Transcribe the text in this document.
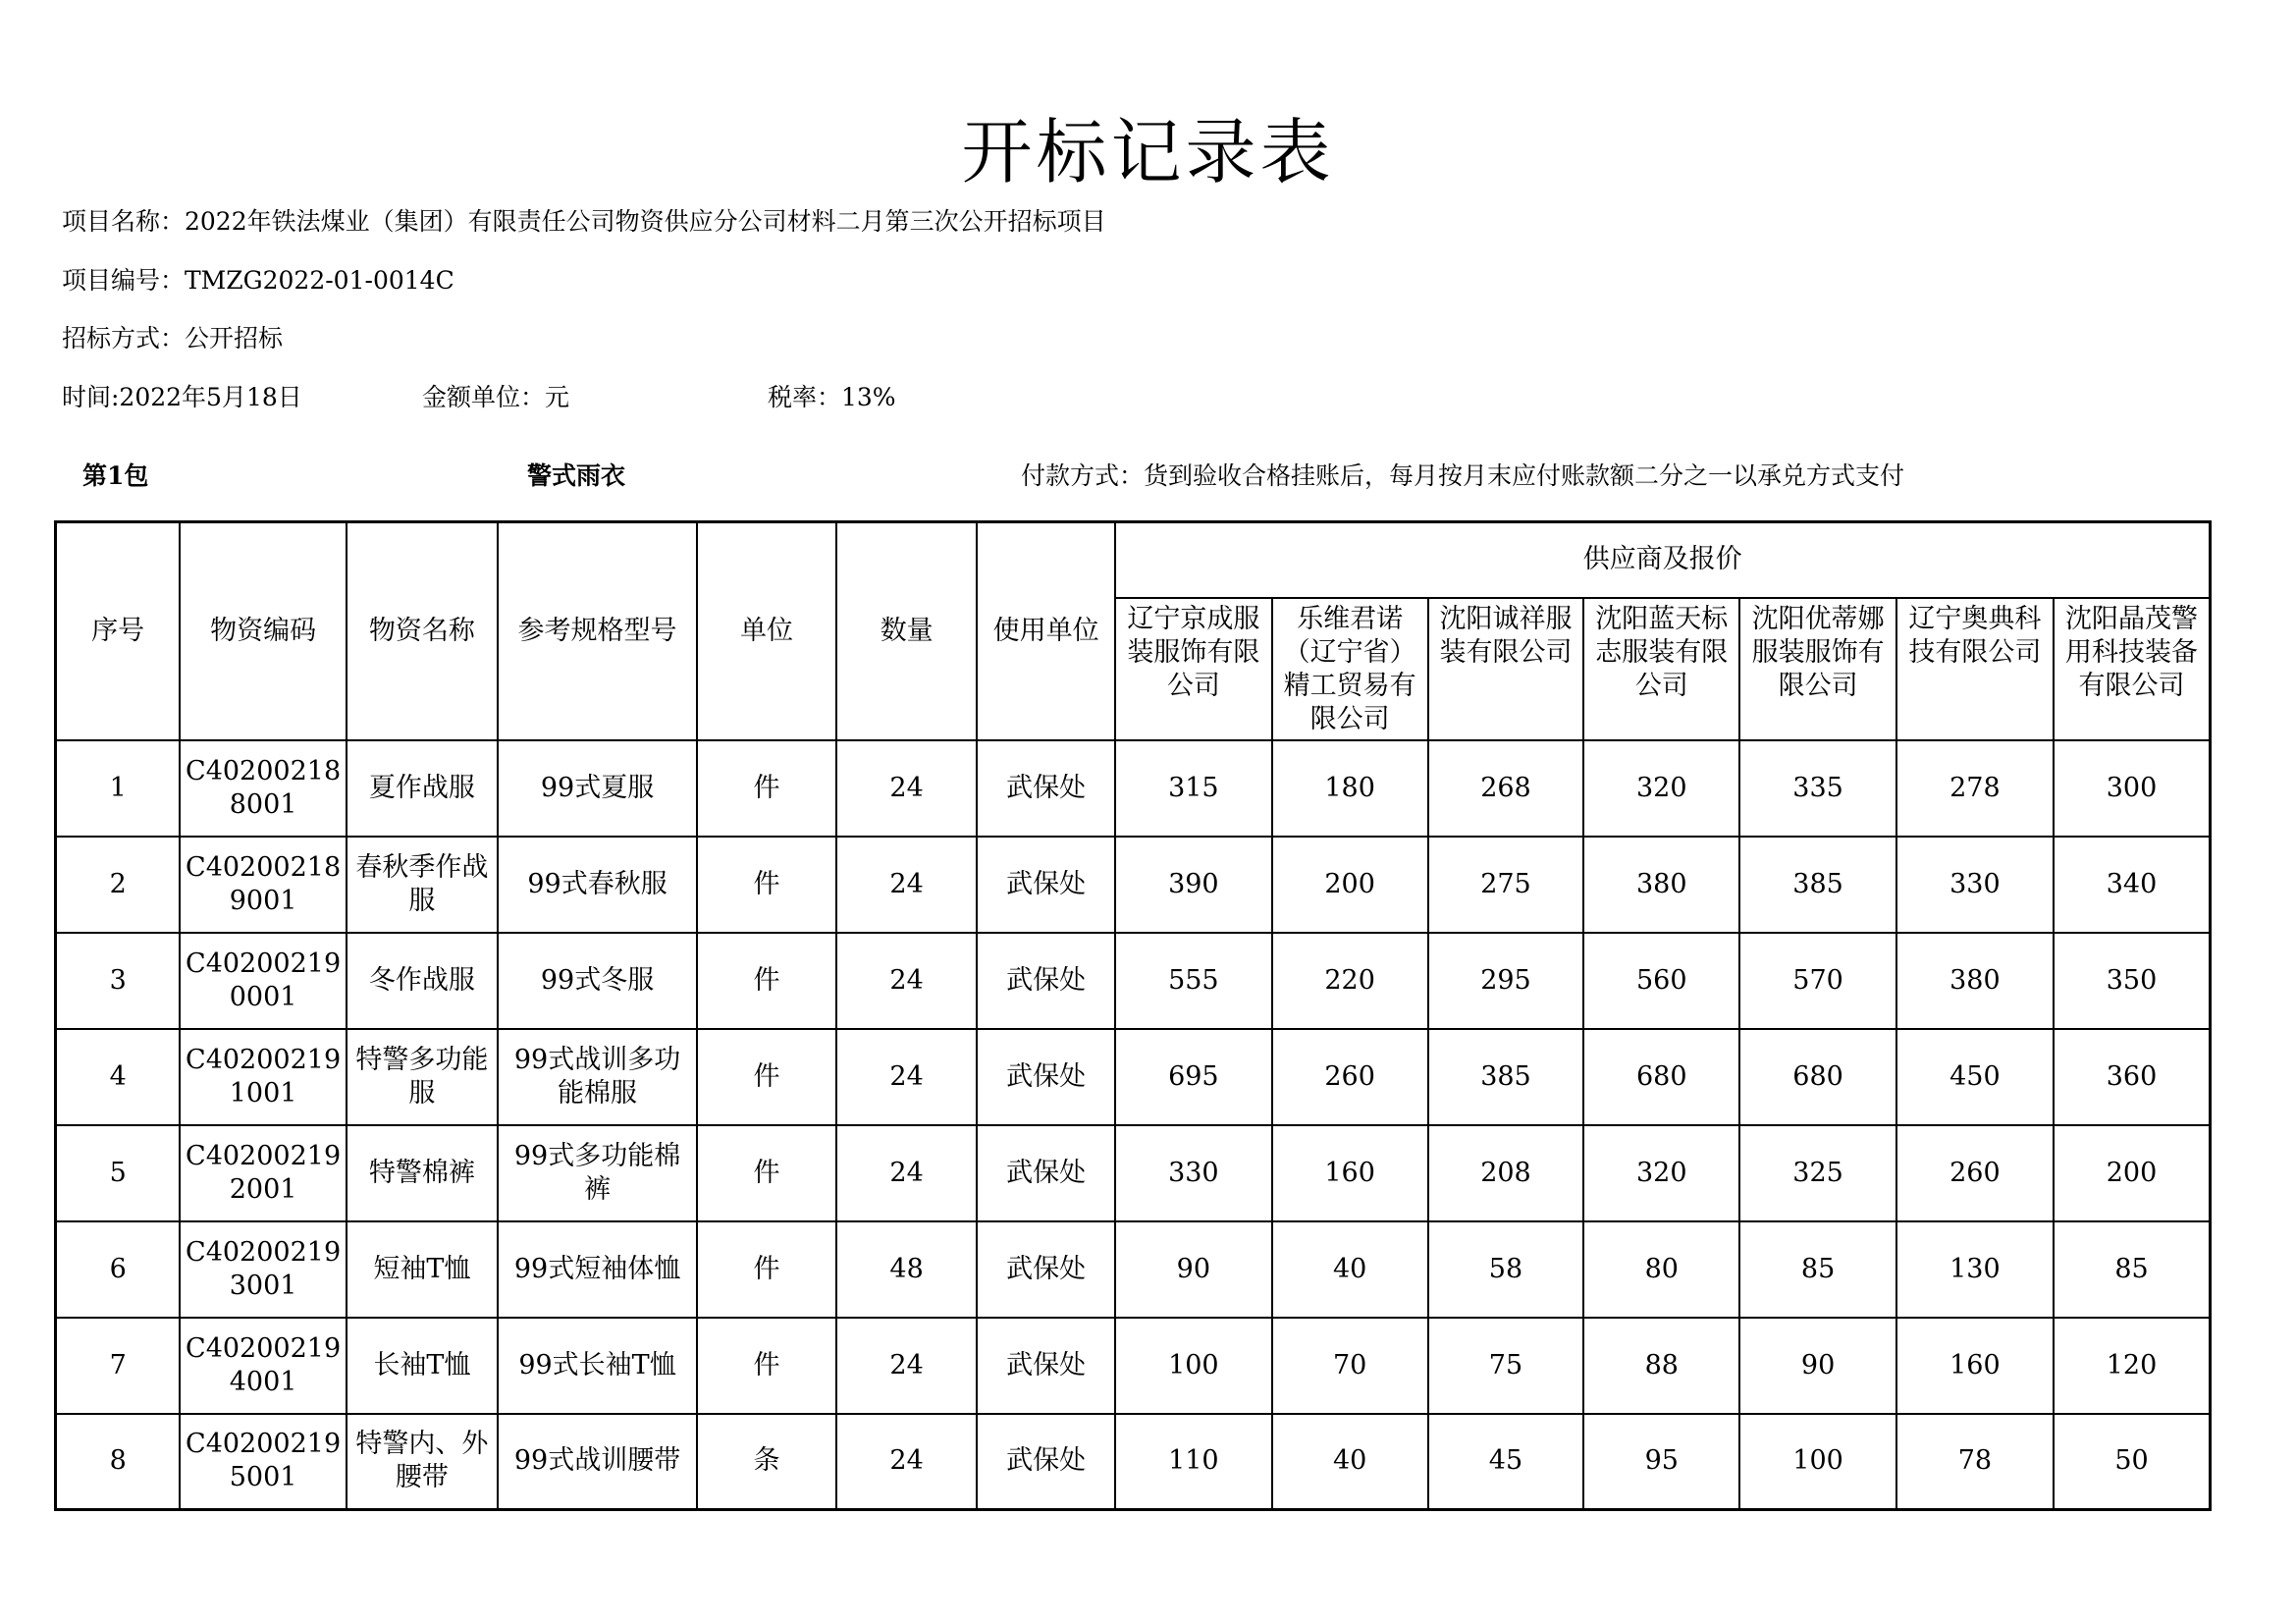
开标记录表
项目名称：2022年铁法煤业（集团）有限责任公司物资供应分公司材料二月第三次公开招标项目
项目编号：TMZG2022-01-0014C
招标方式：公开招标
时间:2022年5月18日	金额单位：元	税率：13%
第1包	警式雨衣	付款方式：货到验收合格挂账后，每月按月末应付账款额二分之一以承兑方式支付
序号	物资编码	物资名称	参考规格型号	单位	数量	使用单位	供应商及报价						
							辽宁京成服装服饰有限公司	乐维君诺（辽宁省）精工贸易有限公司	沈阳诚祥服装有限公司	沈阳蓝天标志服装有限公司	沈阳优蒂娜服装服饰有限公司	辽宁奥典科技有限公司	沈阳晶茂警用科技装备有限公司
1	C402002188001	夏作战服	99式夏服	件	24	武保处	315	180	268	320	335	278	300
2	C402002189001	春秋季作战服	99式春秋服	件	24	武保处	390	200	275	380	385	330	340
3	C402002190001	冬作战服	99式冬服	件	24	武保处	555	220	295	560	570	380	350
4	C402002191001	特警多功能服	99式战训多功能棉服	件	24	武保处	695	260	385	680	680	450	360
5	C402002192001	特警棉裤	99式多功能棉裤	件	24	武保处	330	160	208	320	325	260	200
6	C402002193001	短袖T恤	99式短袖体恤	件	48	武保处	90	40	58	80	85	130	85
7	C402002194001	长袖T恤	99式长袖T恤	件	24	武保处	100	70	75	88	90	160	120
8	C402002195001	特警内、外腰带	99式战训腰带	条	24	武保处	110	40	45	95	100	78	50
